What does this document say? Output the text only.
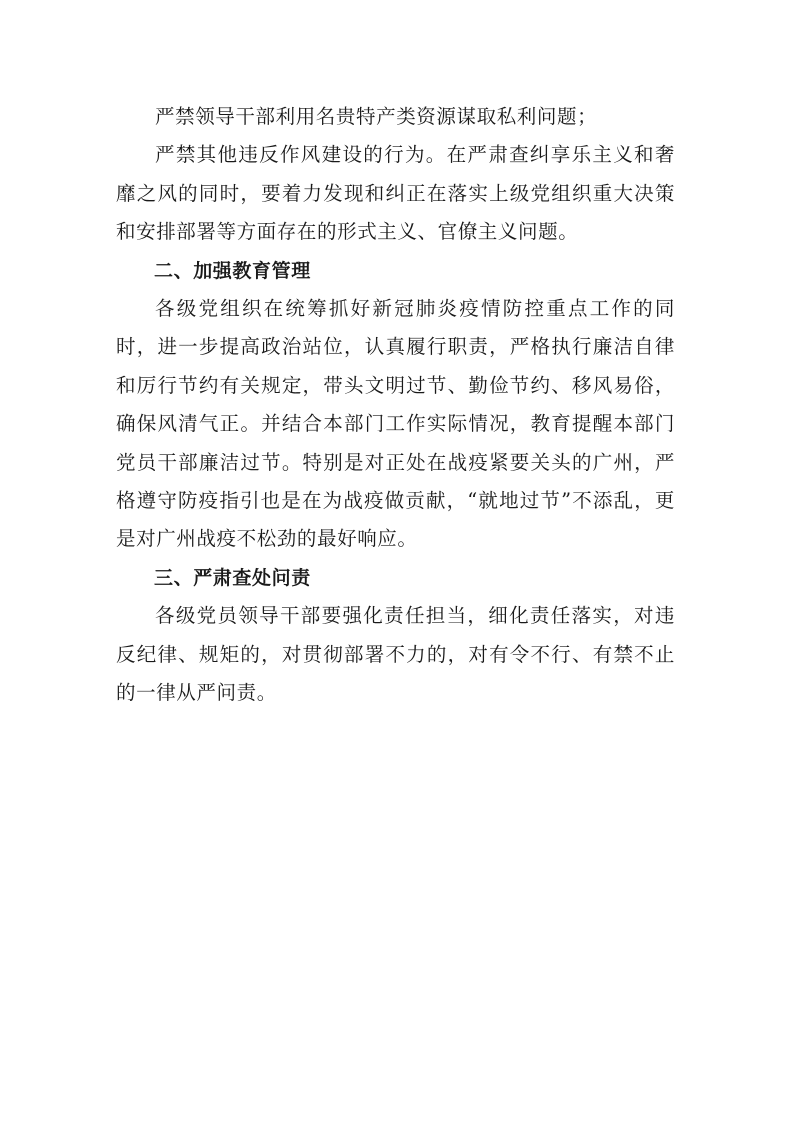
严禁领导干部利用名贵特产类资源谋取私利问题；

严禁其他违反作风建设的行为。在严肃查纠享乐主义和奢靡之风的同时，要着力发现和纠正在落实上级党组织重大决策和安排部署等方面存在的形式主义、官僚主义问题。

二、加强教育管理

各级党组织在统筹抓好新冠肺炎疫情防控重点工作的同时，进一步提高政治站位，认真履行职责，严格执行廉洁自律和厉行节约有关规定，带头文明过节、勤俭节约、移风易俗，确保风清气正。并结合本部门工作实际情况，教育提醒本部门党员干部廉洁过节。特别是对正处在战疫紧要关头的广州，严格遵守防疫指引也是在为战疫做贡献，“就地过节”不添乱，更是对广州战疫不松劲的最好响应。

三、严肃查处问责

各级党员领导干部要强化责任担当，细化责任落实，对违反纪律、规矩的，对贯彻部署不力的，对有令不行、有禁不止的一律从严问责。
